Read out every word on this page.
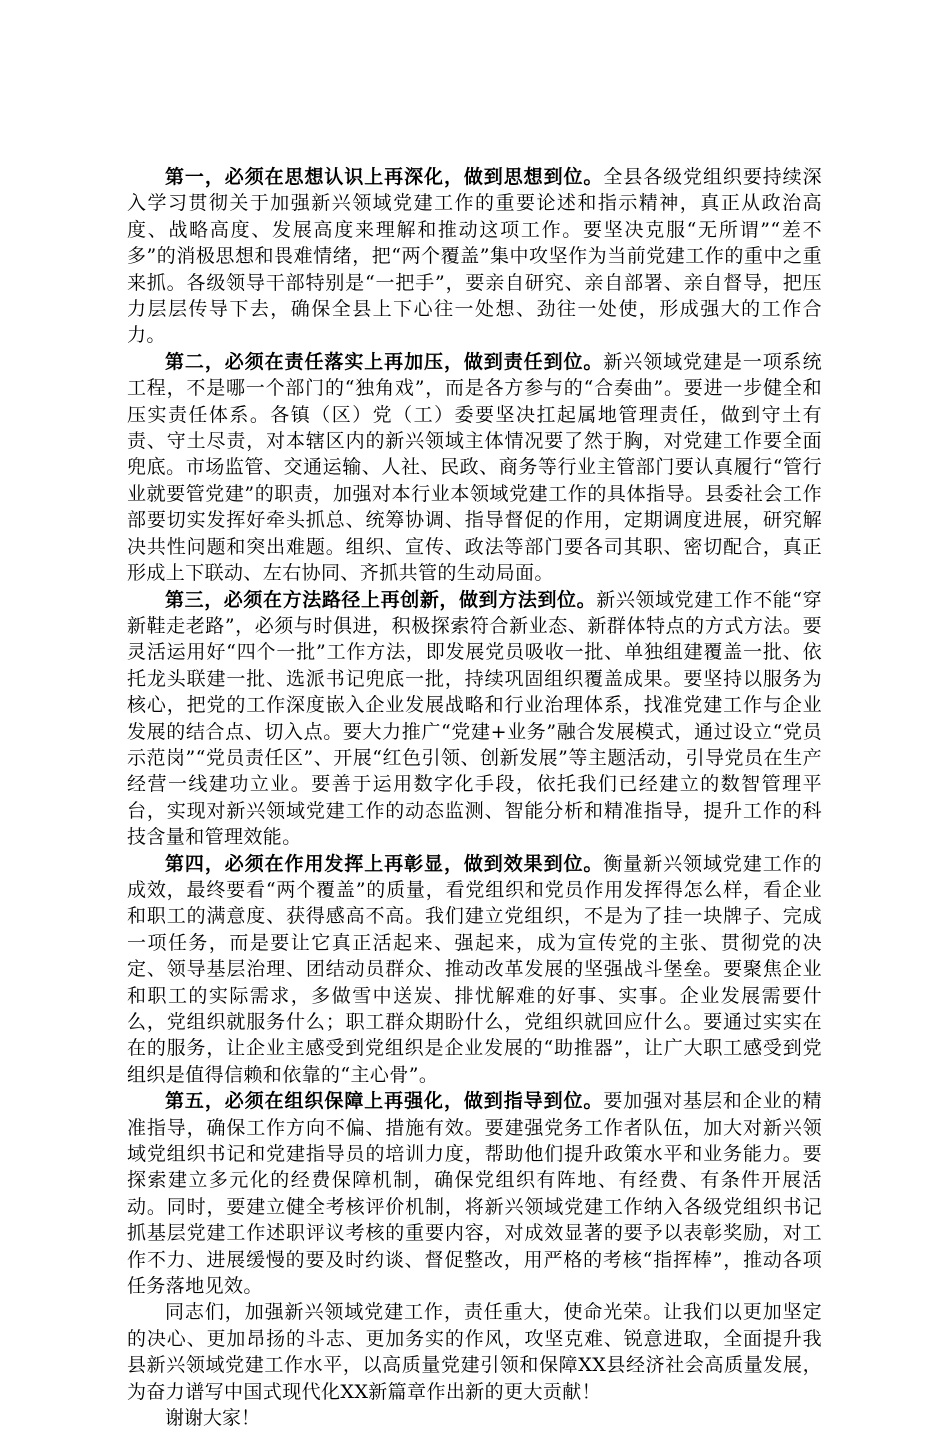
第一，必须在思想认识上再深化，做到思想到位。全县各级党组织要持续深入学习贯彻关于加强新兴领域党建工作的重要论述和指示精神，真正从政治高度、战略高度、发展高度来理解和推动这项工作。要坚决克服“无所谓”“差不多”的消极思想和畏难情绪，把“两个覆盖”集中攻坚作为当前党建工作的重中之重来抓。各级领导干部特别是“一把手”，要亲自研究、亲自部署、亲自督导，把压力层层传导下去，确保全县上下心往一处想、劲往一处使，形成强大的工作合力。

第二，必须在责任落实上再加压，做到责任到位。新兴领域党建是一项系统工程，不是哪一个部门的“独角戏”，而是各方参与的“合奏曲”。要进一步健全和压实责任体系。各镇（区）党（工）委要坚决扛起属地管理责任，做到守土有责、守土尽责，对本辖区内的新兴领域主体情况要了然于胸，对党建工作要全面兜底。市场监管、交通运输、人社、民政、商务等行业主管部门要认真履行“管行业就要管党建”的职责，加强对本行业本领域党建工作的具体指导。县委社会工作部要切实发挥好牵头抓总、统筹协调、指导督促的作用，定期调度进展，研究解决共性问题和突出难题。组织、宣传、政法等部门要各司其职、密切配合，真正形成上下联动、左右协同、齐抓共管的生动局面。

第三，必须在方法路径上再创新，做到方法到位。新兴领域党建工作不能“穿新鞋走老路”，必须与时俱进，积极探索符合新业态、新群体特点的方式方法。要灵活运用好“四个一批”工作方法，即发展党员吸收一批、单独组建覆盖一批、依托龙头联建一批、选派书记兜底一批，持续巩固组织覆盖成果。要坚持以服务为核心，把党的工作深度嵌入企业发展战略和行业治理体系，找准党建工作与企业发展的结合点、切入点。要大力推广“党建+业务”融合发展模式，通过设立“党员示范岗”“党员责任区”、开展“红色引领、创新发展”等主题活动，引导党员在生产经营一线建功立业。要善于运用数字化手段，依托我们已经建立的数智管理平台，实现对新兴领域党建工作的动态监测、智能分析和精准指导，提升工作的科技含量和管理效能。

第四，必须在作用发挥上再彰显，做到效果到位。衡量新兴领域党建工作的成效，最终要看“两个覆盖”的质量，看党组织和党员作用发挥得怎么样，看企业和职工的满意度、获得感高不高。我们建立党组织，不是为了挂一块牌子、完成一项任务，而是要让它真正活起来、强起来，成为宣传党的主张、贯彻党的决定、领导基层治理、团结动员群众、推动改革发展的坚强战斗堡垒。要聚焦企业和职工的实际需求，多做雪中送炭、排忧解难的好事、实事。企业发展需要什么，党组织就服务什么；职工群众期盼什么，党组织就回应什么。要通过实实在在的服务，让企业主感受到党组织是企业发展的“助推器”，让广大职工感受到党组织是值得信赖和依靠的“主心骨”。

第五，必须在组织保障上再强化，做到指导到位。要加强对基层和企业的精准指导，确保工作方向不偏、措施有效。要建强党务工作者队伍，加大对新兴领域党组织书记和党建指导员的培训力度，帮助他们提升政策水平和业务能力。要探索建立多元化的经费保障机制，确保党组织有阵地、有经费、有条件开展活动。同时，要建立健全考核评价机制，将新兴领域党建工作纳入各级党组织书记抓基层党建工作述职评议考核的重要内容，对成效显著的要予以表彰奖励，对工作不力、进展缓慢的要及时约谈、督促整改，用严格的考核“指挥棒”，推动各项任务落地见效。

同志们，加强新兴领域党建工作，责任重大，使命光荣。让我们以更加坚定的决心、更加昂扬的斗志、更加务实的作风，攻坚克难、锐意进取，全面提升我县新兴领域党建工作水平，以高质量党建引领和保障XX县经济社会高质量发展，为奋力谱写中国式现代化XX新篇章作出新的更大贡献！

谢谢大家！
